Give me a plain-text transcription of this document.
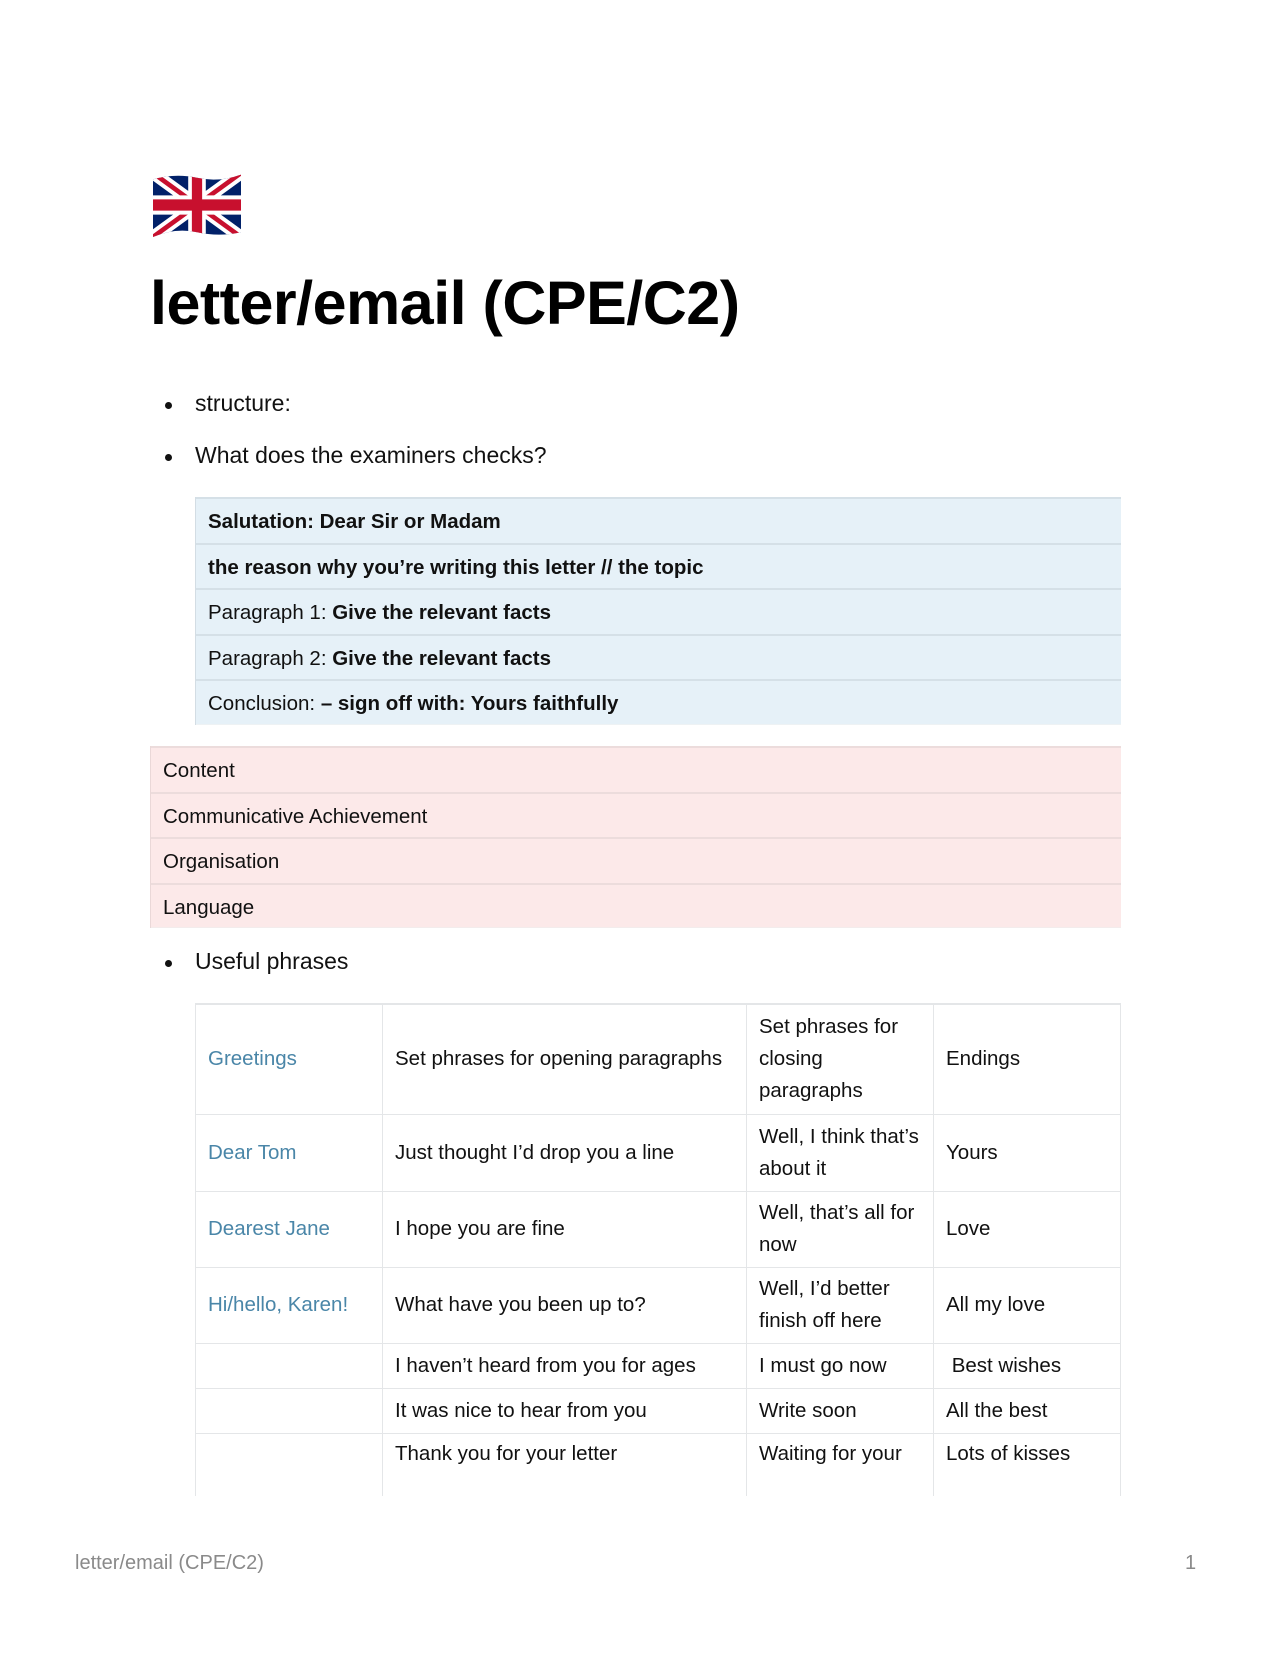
letter/email (CPE/C2)
structure:
What does the examiners checks?
Salutation: Dear Sir or Madam
the reason why you’re writing this letter // the topic
Paragraph 1: Give the relevant facts
Paragraph 2: Give the relevant facts
Conclusion: – sign off with: Yours faithfully
Content
Communicative Achievement
Organisation
Language
Useful phrases
Greetings	Set phrases for opening paragraphs	Set phrases for closing paragraphs	Endings
Dear Tom	Just thought I’d drop you a line	Well, I think that’s about it	Yours
Dearest Jane	I hope you are fine	Well, that’s all for now	Love
Hi/hello, Karen!	What have you been up to?	Well, I’d better finish off here	All my love
	I haven’t heard from you for ages	I must go now	Best wishes
	It was nice to hear from you	Write soon	All the best
	Thank you for your letter	Waiting for your	Lots of kisses
letter/email (CPE/C2)	1
